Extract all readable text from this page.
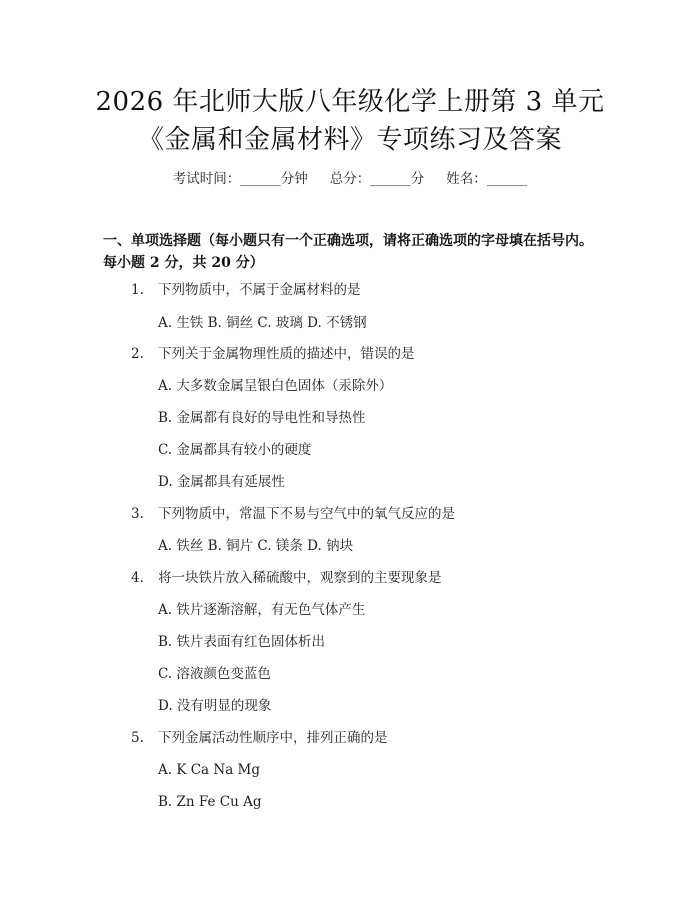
2026 年北师大版八年级化学上册第 3 单元
《金属和金属材料》专项练习及答案
考试时间：______分钟 总分：______分 姓名：______
一、单项选择题（每小题只有一个正确选项，请将正确选项的字母填在括号内。每小题 2 分，共 20 分）
1. 下列物质中，不属于金属材料的是
A. 生铁 B. 铜丝 C. 玻璃 D. 不锈钢
2. 下列关于金属物理性质的描述中，错误的是
A. 大多数金属呈银白色固体（汞除外）
B. 金属都有良好的导电性和导热性
C. 金属都具有较小的硬度
D. 金属都具有延展性
3. 下列物质中，常温下不易与空气中的氧气反应的是
A. 铁丝 B. 铜片 C. 镁条 D. 钠块
4. 将一块铁片放入稀硫酸中，观察到的主要现象是
A. 铁片逐渐溶解，有无色气体产生
B. 铁片表面有红色固体析出
C. 溶液颜色变蓝色
D. 没有明显的现象
5. 下列金属活动性顺序中，排列正确的是
A. K Ca Na Mg
B. Zn Fe Cu Ag
